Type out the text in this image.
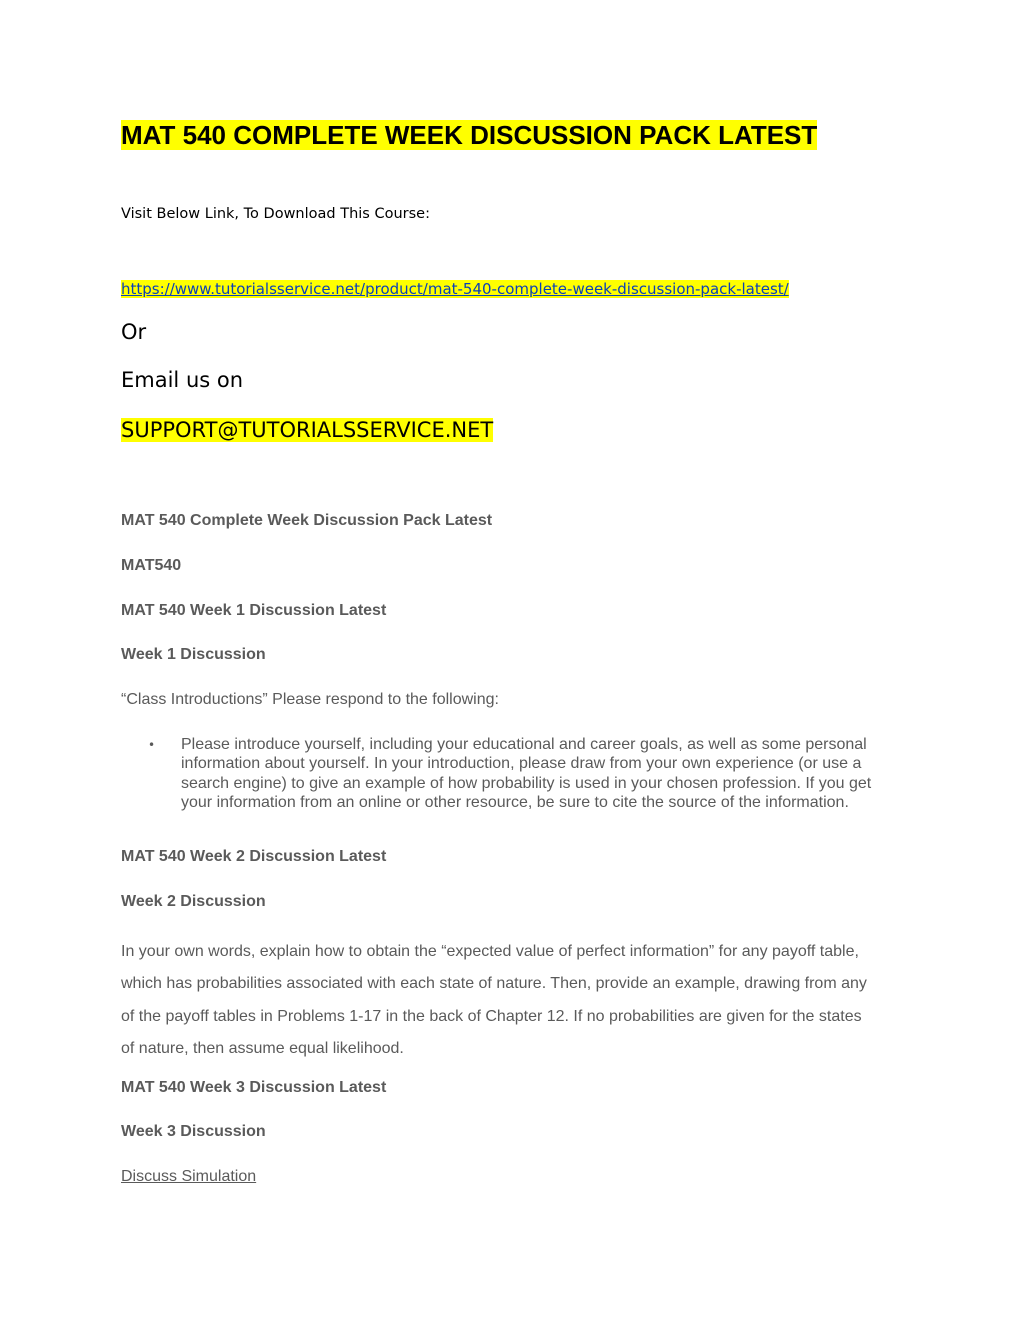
MAT 540 COMPLETE WEEK DISCUSSION PACK LATEST
Visit Below Link, To Download This Course:
https://www.tutorialsservice.net/product/mat-540-complete-week-discussion-pack-latest/
Or
Email us on
SUPPORT@TUTORIALSSERVICE.NET
MAT 540 Complete Week Discussion Pack Latest
MAT540
MAT 540 Week 1 Discussion Latest
Week 1 Discussion
“Class Introductions” Please respond to the following:
• Please introduce yourself, including your educational and career goals, as well as some personal
information about yourself. In your introduction, please draw from your own experience (or use a
search engine) to give an example of how probability is used in your chosen profession. If you get
your information from an online or other resource, be sure to cite the source of the information.
MAT 540 Week 2 Discussion Latest
Week 2 Discussion
In your own words, explain how to obtain the “expected value of perfect information” for any payoff table,
which has probabilities associated with each state of nature. Then, provide an example, drawing from any
of the payoff tables in Problems 1-17 in the back of Chapter 12. If no probabilities are given for the states
of nature, then assume equal likelihood.
MAT 540 Week 3 Discussion Latest
Week 3 Discussion
Discuss Simulation
